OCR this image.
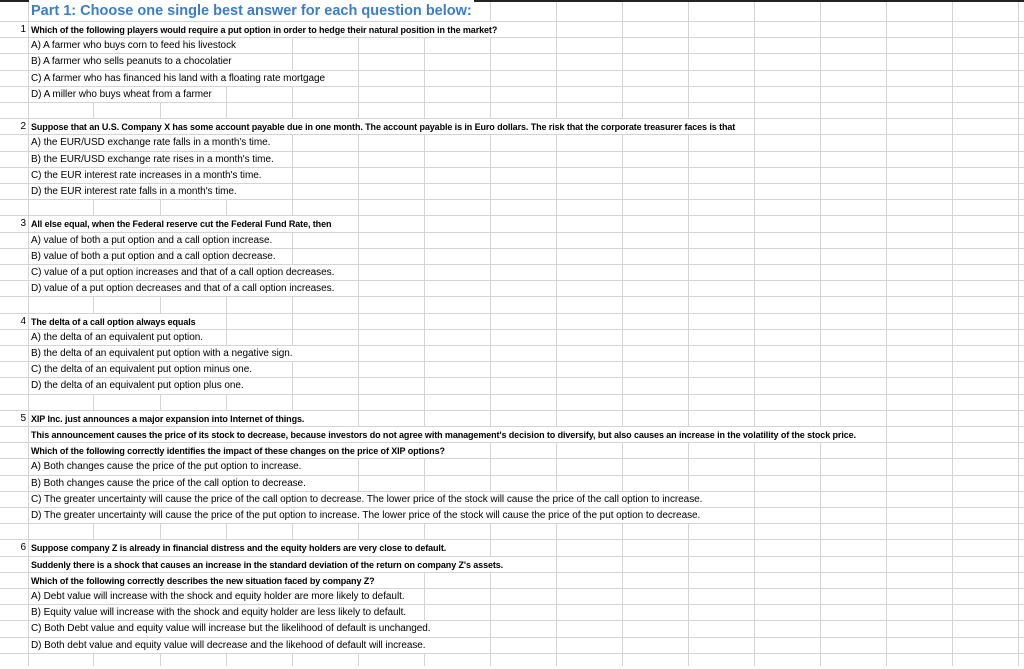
Part 1: Choose one single best answer for each question below:
1 Which of the following players would require a put option in order to hedge their natural position in the market?
A) A farmer who buys corn to feed his livestock
B) A farmer who sells peanuts to a chocolatier
C) A farmer who has financed his land with a floating rate mortgage
D) A miller who buys wheat from a farmer
2 Suppose that an U.S. Company X has some account payable due in one month. The account payable is in Euro dollars. The risk that the corporate treasurer faces is that
A) the EUR/USD exchange rate falls in a month's time.
B) the EUR/USD exchange rate rises in a month's time.
C) the EUR interest rate increases in a month's time.
D) the EUR interest rate falls in a month's time.
3 All else equal, when the Federal reserve cut the Federal Fund Rate, then
A) value of both a put option and a call option increase.
B) value of both a put option and a call option decrease.
C) value of a put option increases and that of a call option decreases.
D) value of a put option decreases and that of a call option increases.
4 The delta of a call option always equals
A) the delta of an equivalent put option.
B) the delta of an equivalent put option with a negative sign.
C) the delta of an equivalent put option minus one.
D) the delta of an equivalent put option plus one.
5 XIP Inc. just announces a major expansion into Internet of things.
This announcement causes the price of its stock to decrease, because investors do not agree with management's decision to diversify, but also causes an increase in the volatility of the stock price.
Which of the following correctly identifies the impact of these changes on the price of XIP options?
A) Both changes cause the price of the put option to increase.
B) Both changes cause the price of the call option to decrease.
C) The greater uncertainty will cause the price of the call option to decrease. The lower price of the stock will cause the price of the call option to increase.
D) The greater uncertainty will cause the price of the put option to increase. The lower price of the stock will cause the price of the put option to decrease.
6 Suppose company Z is already in financial distress and the equity holders are very close to default.
Suddenly there is a shock that causes an increase in the standard deviation of the return on company Z's assets.
Which of the following correctly describes the new situation faced by company Z?
A) Debt value will increase with the shock and equity holder are more likely to default.
B) Equity value will increase with the shock and equity holder are less likely to default.
C) Both Debt value and equity value will increase but the likelihood of default is unchanged.
D) Both debt value and equity value will decrease and the likehood of default will increase.
